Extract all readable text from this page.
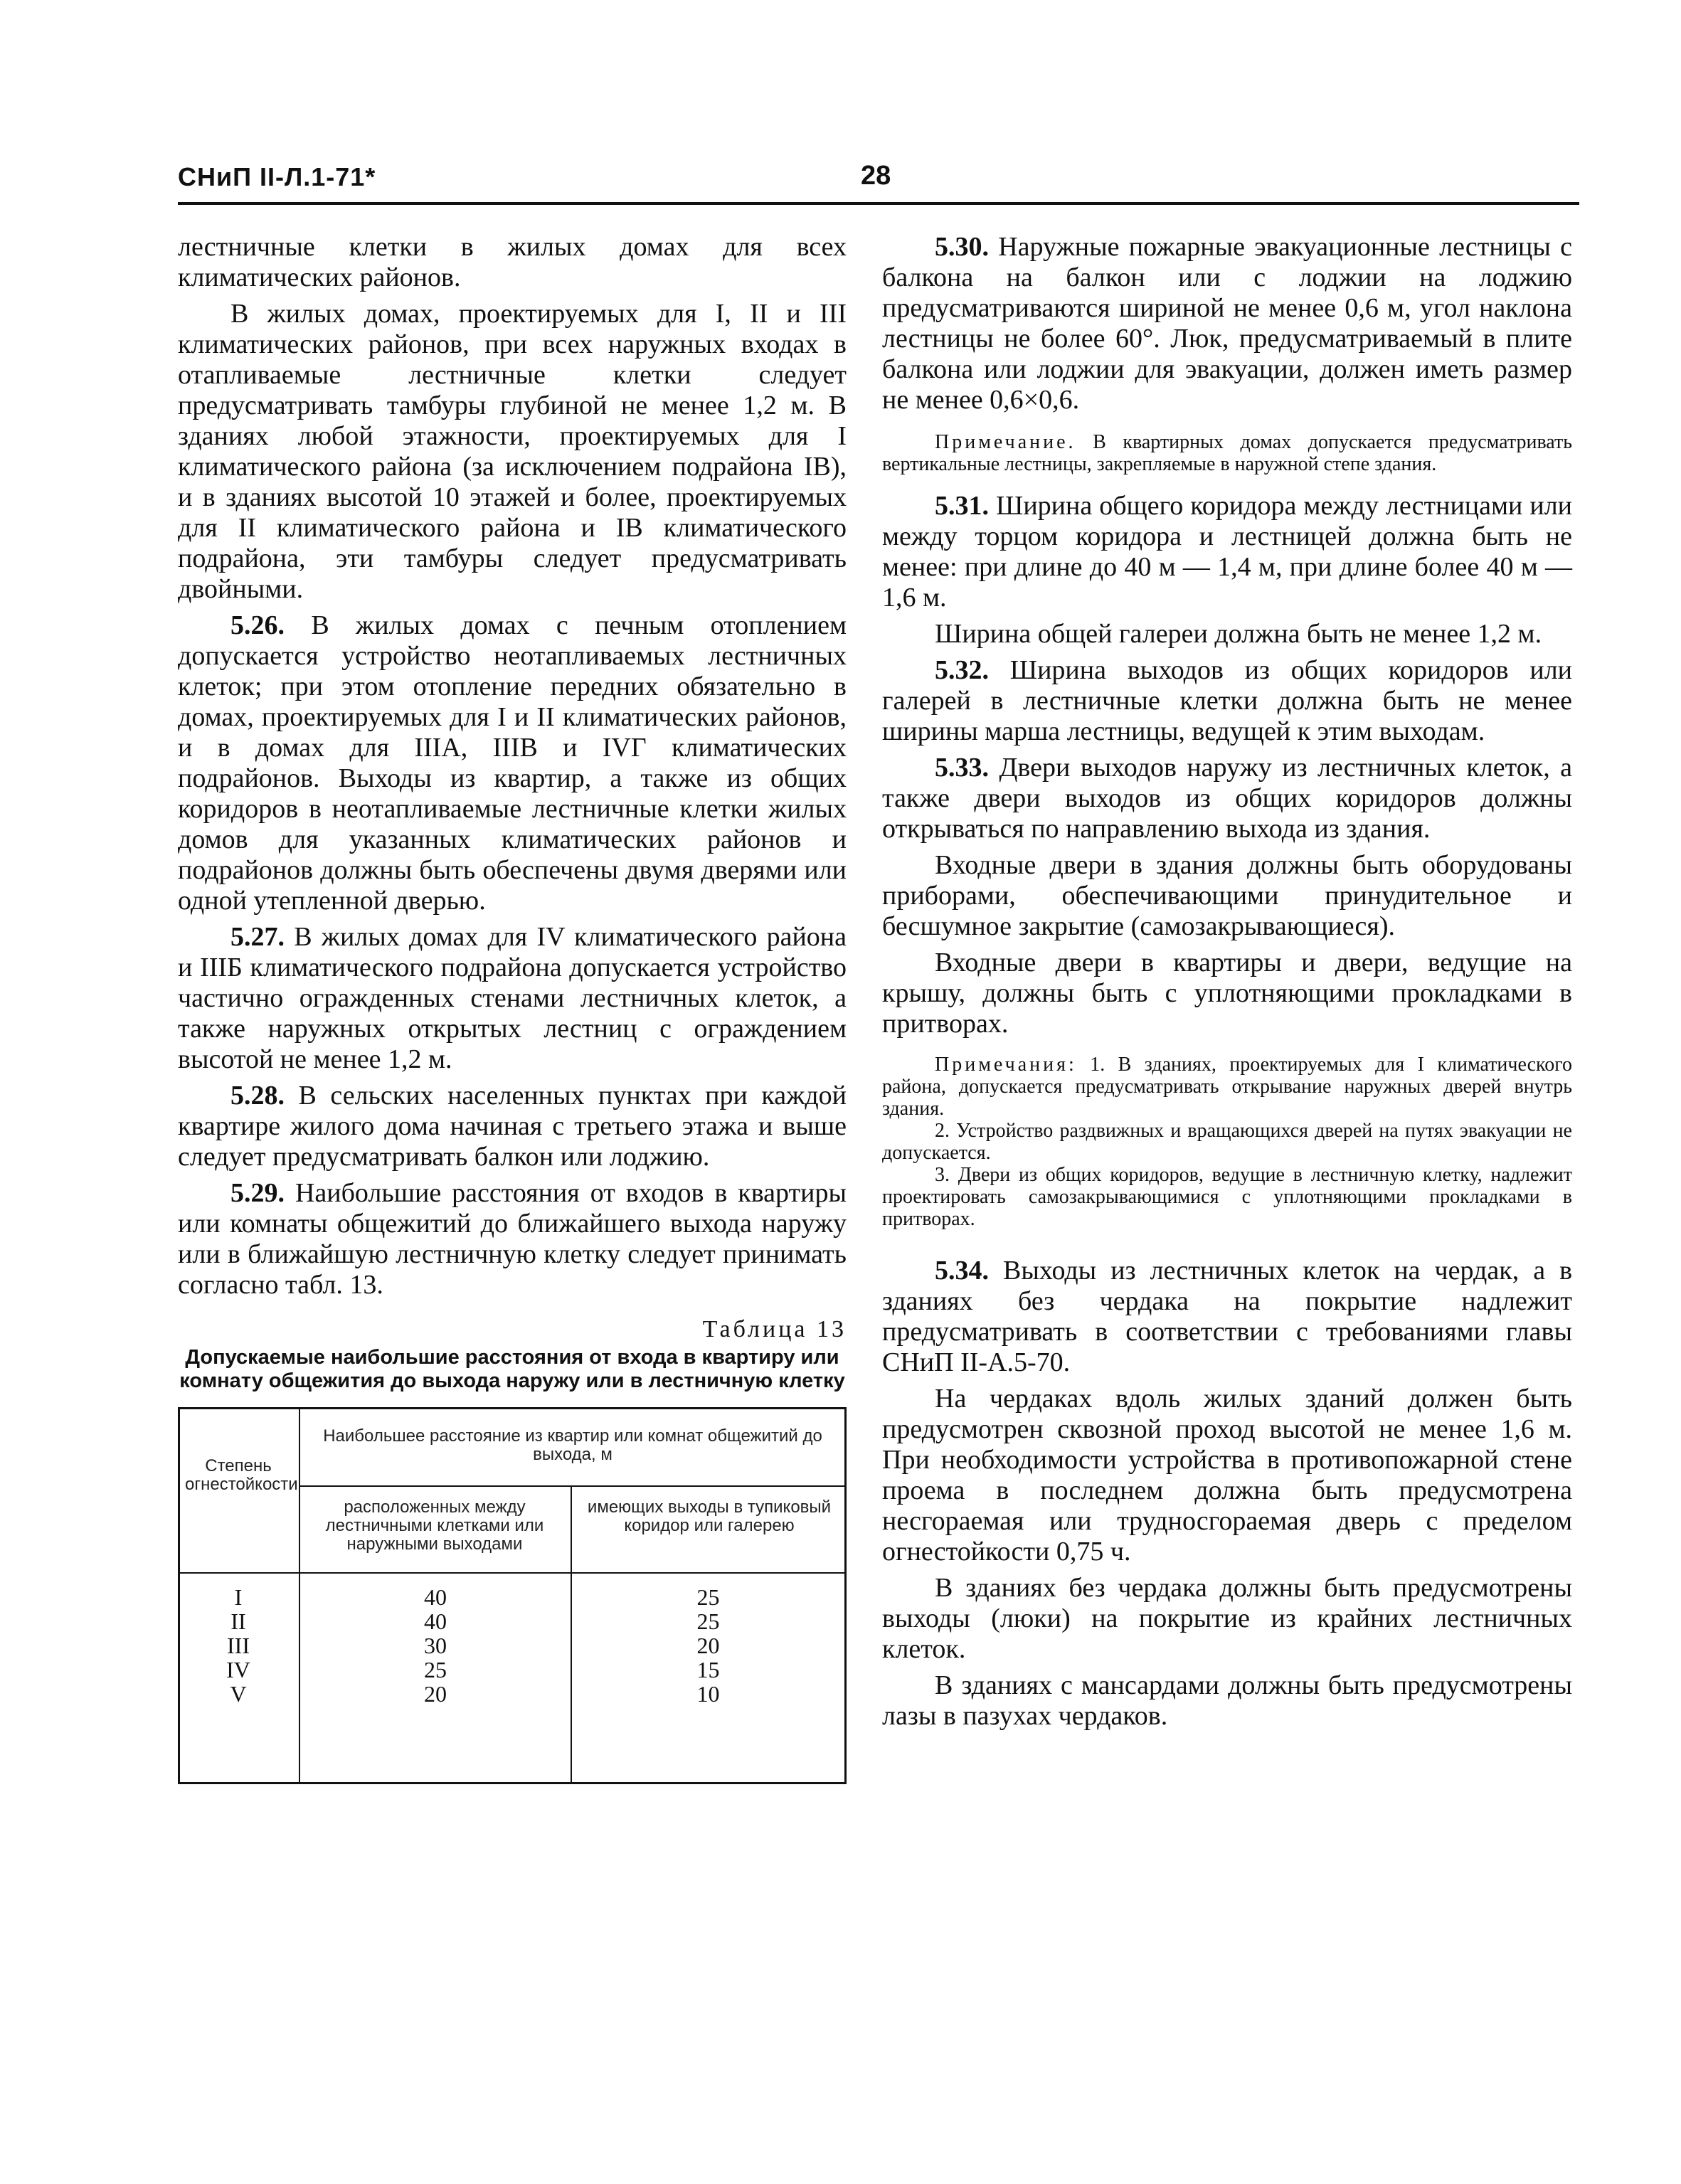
СНиП II-Л.1-71*	28

лестничные клетки в жилых домах для всех климатических районов.

В жилых домах, проектируемых для I, II и III климатических районов, при всех наружных входах в отапливаемые лестничные клетки следует предусматривать тамбуры глубиной не менее 1,2 м. В зданиях любой этажности, проектируемых для I климатического района (за исключением подрайона IВ), и в зданиях высотой 10 этажей и более, проектируемых для II климатического района и IВ климатического подрайона, эти тамбуры следует предусматривать двойными.

5.26. В жилых домах с печным отоплением допускается устройство неотапливаемых лестничных клеток; при этом отопление передних обязательно в домах, проектируемых для I и II климатических районов, и в домах для IIIА, IIIВ и IVГ климатических подрайонов. Выходы из квартир, а также из общих коридоров в неотапливаемые лестничные клетки жилых домов для указанных климатических районов и подрайонов должны быть обеспечены двумя дверями или одной утепленной дверью.

5.27. В жилых домах для IV климатического района и IIIБ климатического подрайона допускается устройство частично огражденных стенами лестничных клеток, а также наружных открытых лестниц с ограждением высотой не менее 1,2 м.

5.28. В сельских населенных пунктах при каждой квартире жилого дома начиная с третьего этажа и выше следует предусматривать балкон или лоджию.

5.29. Наибольшие расстояния от входов в квартиры или комнаты общежитий до ближайшего выхода наружу или в ближайшую лестничную клетку следует принимать согласно табл. 13.

Таблица 13
Допускаемые наибольшие расстояния от входа в квартиру или комнату общежития до выхода наружу или в лестничную клетку
Степень огнестойкости
Наибольшее расстояние из квартир или комнат общежитий до выхода, м
расположенных между лестничными клетками или наружными выходами
имеющих выходы в тупиковый коридор или галерею
I
II
III
IV
V
40
40
30
25
20
25
25
20
15
10

5.30. Наружные пожарные эвакуационные лестницы с балкона на балкон или с лоджии на лоджию предусматриваются шириной не менее 0,6 м, угол наклона лестницы не более 60°. Люк, предусматриваемый в плите балкона или лоджии для эвакуации, должен иметь размер не менее 0,6×0,6.

Примечание. В квартирных домах допускается предусматривать вертикальные лестницы, закрепляемые в наружной степе здания.

5.31. Ширина общего коридора между лестницами или между торцом коридора и лестницей должна быть не менее: при длине до 40 м — 1,4 м, при длине более 40 м — 1,6 м.

Ширина общей галереи должна быть не менее 1,2 м.

5.32. Ширина выходов из общих коридоров или галерей в лестничные клетки должна быть не менее ширины марша лестницы, ведущей к этим выходам.

5.33. Двери выходов наружу из лестничных клеток, а также двери выходов из общих коридоров должны открываться по направлению выхода из здания.

Входные двери в здания должны быть оборудованы приборами, обеспечивающими принудительное и бесшумное закрытие (самозакрывающиеся).

Входные двери в квартиры и двери, ведущие на крышу, должны быть с уплотняющими прокладками в притворах.

Примечания: 1. В зданиях, проектируемых для I климатического района, допускается предусматривать открывание наружных дверей внутрь здания.

2. Устройство раздвижных и вращающихся дверей на путях эвакуации не допускается.

3. Двери из общих коридоров, ведущие в лестничную клетку, надлежит проектировать самозакрывающимися с уплотняющими прокладками в притворах.

5.34. Выходы из лестничных клеток на чердак, а в зданиях без чердака на покрытие надлежит предусматривать в соответствии с требованиями главы СНиП II-А.5-70.

На чердаках вдоль жилых зданий должен быть предусмотрен сквозной проход высотой не менее 1,6 м. При необходимости устройства в противопожарной стене проема в последнем должна быть предусмотрена несгораемая или трудносгораемая дверь с пределом огнестойкости 0,75 ч.

В зданиях без чердака должны быть предусмотрены выходы (люки) на покрытие из крайних лестничных клеток.

В зданиях с мансардами должны быть предусмотрены лазы в пазухах чердаков.
